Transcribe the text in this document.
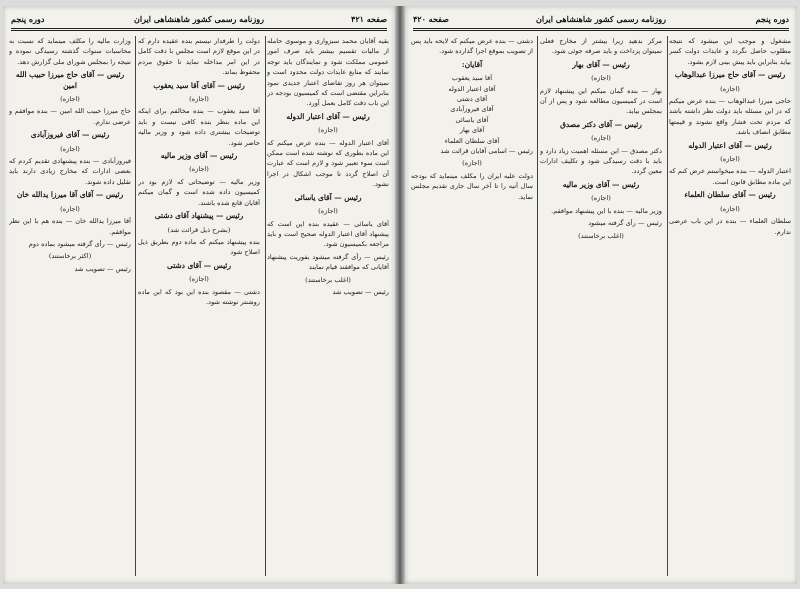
صفحه ۴۲۱
روزنامه رسمی کشور شاهنشاهی ایران
دوره پنجم

بقیه آقایان محمد سبزواری و موسوی حامله از مالیات تقسیم بیشتر باید صرف امور عمومی مملکت شود و نمایندگان باید توجه نمایند که منابع عایدات دولت محدود است و نمیتوان هر روز تقاضای اعتبار جدیدی نمود بنابراین مقتضی است که کمیسیون بودجه در این باب دقت کامل بعمل آورد.

رئیس — آقای اعتبار الدوله

(اجازه)

آقای اعتبار الدوله — بنده عرض میکنم که این ماده بطوری که نوشته شده است ممکن است سوء تعبیر شود و لازم است که عبارت آن اصلاح گردد تا موجب اشکال در اجرا نشود.

رئیس — آقای یاسائی

(اجازه)

آقای یاسائی — عقیده بنده این است که پیشنهاد آقای اعتبار الدوله صحیح است و باید مراجعه بکمیسیون شود.

رئیس — رأی گرفته میشود بفوریت پیشنهاد آقایانی که موافقند قیام نمایند

(اغلب برخاستند)

رئیس — تصویب شد

دولت را طرفدار نیستم بنده عقیده دارم که در این موقع لازم است مجلس با دقت کامل در این امر مداخله نماید تا حقوق مردم محفوظ بماند.

رئیس — آقای آقا سید یعقوب

(اجازه)

آقا سید یعقوب — بنده مخالفم برای اینکه این ماده بنظر بنده کافی نیست و باید توضیحات بیشتری داده شود و وزیر مالیه حاضر شود.

رئیس — آقای وزیر مالیه

(اجازه)

وزیر مالیه — توضیحاتی که لازم بود در کمیسیون داده شده است و گمان میکنم آقایان قانع شده باشند.

رئیس — پیشنهاد آقای دشتی

(بشرح ذیل قرائت شد)

بنده پیشنهاد میکنم که ماده دوم بطریق ذیل اصلاح شود

رئیس — آقای دشتی

(اجازه)

دشتی — مقصود بنده این بود که این ماده روشنتر نوشته شود.

وزارت مالیه را مکلف مینماید که نسبت به محاسبات سنوات گذشته رسیدگی نموده و نتیجه را بمجلس شورای ملی گزارش دهد.

رئیس — آقای حاج میرزا حبیب الله امین

(اجازه)

حاج میرزا حبیب الله امین — بنده موافقم و عرضی ندارم.

رئیس — آقای فیروزآبادی

(اجازه)

فیروزآبادی — بنده پیشنهادی تقدیم کردم که بعضی ادارات که مخارج زیادی دارند باید تقلیل داده شوند.

رئیس — آقای آقا میرزا یدالله خان

(اجازه)

آقا میرزا یدالله خان — بنده هم با این نظر موافقم.

رئیس — رأی گرفته میشود بماده دوم

(اکثر برخاستند)

رئیس — تصویب شد

دوره پنجم
روزنامه رسمی کشور شاهنشاهی ایران
صفحه ۴۲۰

مشغول و موجب این میشود که نتیجه مطلوب حاصل نگردد و عایدات دولت کسر بیاید بنابراین باید پیش بینی لازم بشود.

رئیس — آقای حاج میرزا عبدالوهاب

(اجازه)

حاجی میرزا عبدالوهاب — بنده عرض میکنم که در این مسئله باید دولت نظر داشته باشد که مردم تحت فشار واقع نشوند و قیمتها مطابق انصاف باشد.

رئیس — آقای اعتبار الدوله

(اجازه)

اعتبار الدوله — بنده میخواستم عرض کنم که این ماده مطابق قانون است.

رئیس — آقای سلطان العلماء

(اجازه)

سلطان العلماء — بنده در این باب عرضی ندارم.

مرکز بدهید زیرا بیشتر از مخارج فعلی نمیتوان پرداخت و باید صرفه جوئی شود.

رئیس — آقای بهار

(اجازه)

بهار — بنده گمان میکنم این پیشنهاد لازم است در کمیسیون مطالعه شود و پس از آن بمجلس بیاید.

رئیس — آقای دکتر مصدق

(اجازه)

دکتر مصدق — این مسئله اهمیت زیاد دارد و باید با دقت رسیدگی شود و تکلیف ادارات معین گردد.

رئیس — آقای وزیر مالیه

(اجازه)

وزیر مالیه — بنده با این پیشنهاد موافقم.

رئیس — رأی گرفته میشود

(اغلب برخاستند)

دشتی — بنده عرض میکنم که لایحه باید پس از تصویب بموقع اجرا گذارده شود.

آقایان:

آقا سید یعقوب

آقای اعتبار الدوله

آقای دشتی

آقای فیروزآبادی

آقای یاسائی

آقای بهار

آقای سلطان العلماء

رئیس — اسامی آقایان قرائت شد

(اجازه)

دولت علیه ایران را مکلف مینماید که بودجه سال آتیه را تا آخر سال جاری تقدیم مجلس نماید.
